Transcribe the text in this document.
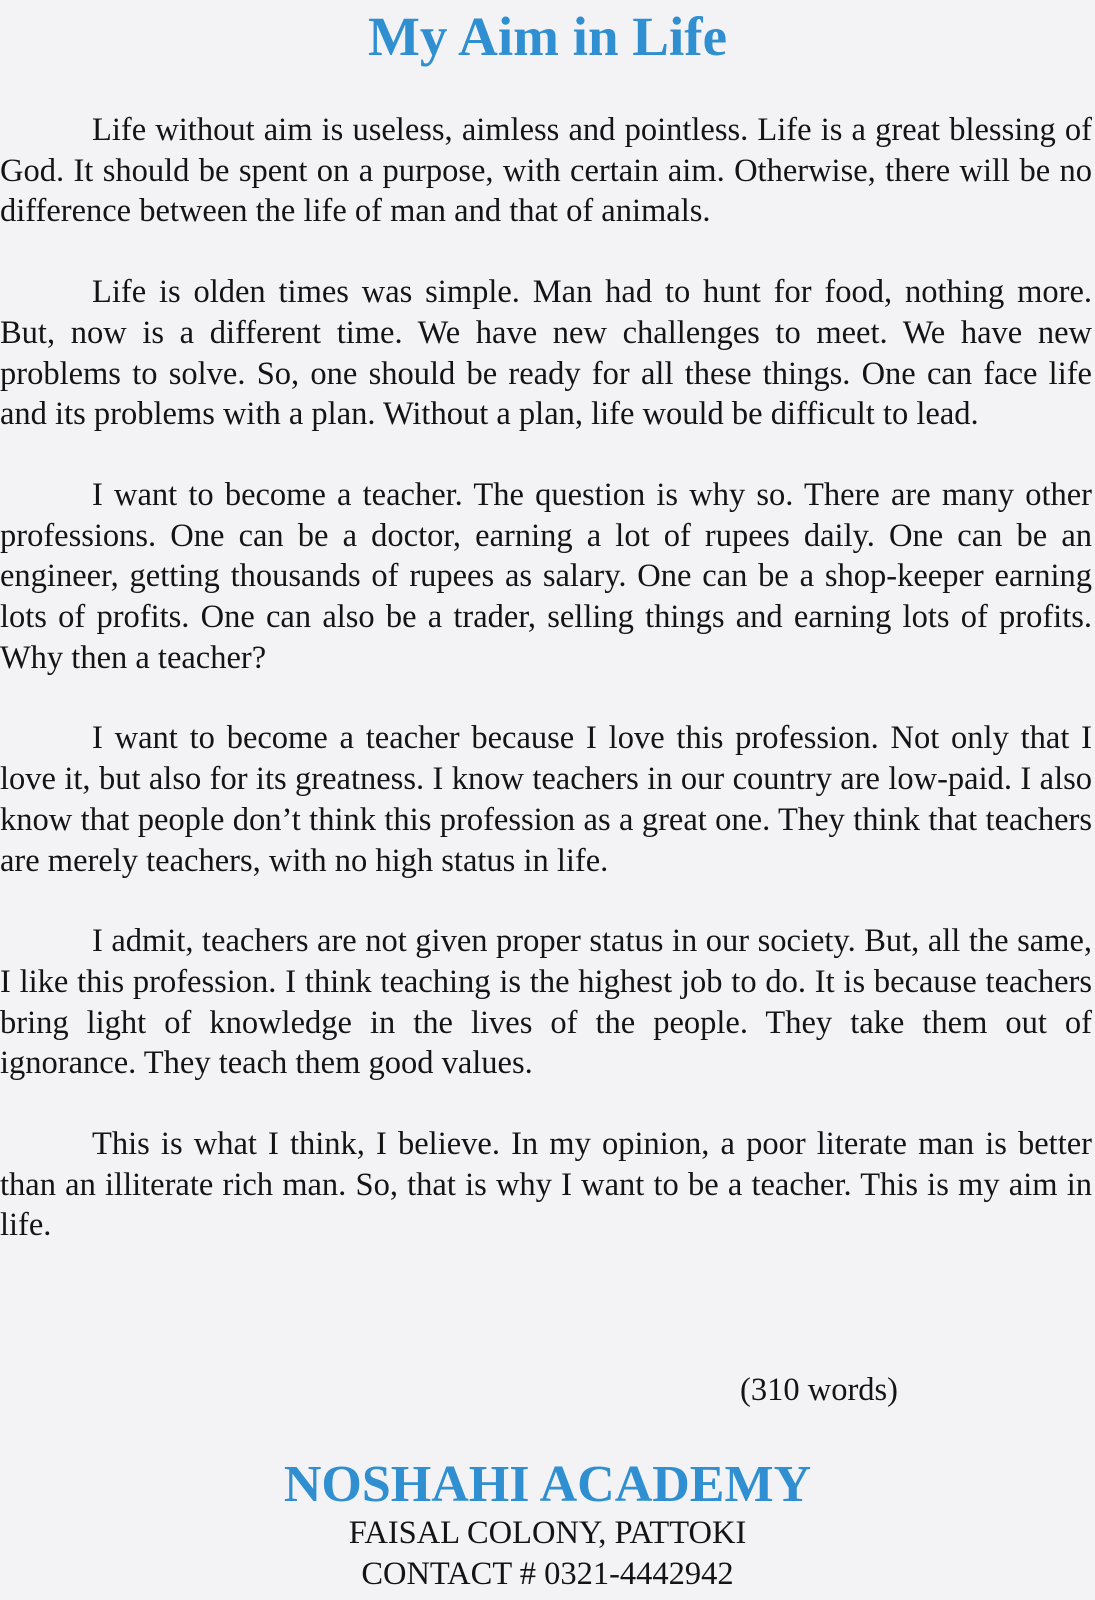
My Aim in Life

Life without aim is useless, aimless and pointless. Life is a great blessing of God. It should be spent on a purpose, with certain aim. Otherwise, there will be no difference between the life of man and that of animals.

Life is olden times was simple. Man had to hunt for food, nothing more. But, now is a different time. We have new challenges to meet. We have new problems to solve. So, one should be ready for all these things. One can face life and its problems with a plan. Without a plan, life would be difficult to lead.

I want to become a teacher. The question is why so. There are many other professions. One can be a doctor, earning a lot of rupees daily. One can be an engineer, getting thousands of rupees as salary. One can be a shop-keeper earning lots of profits. One can also be a trader, selling things and earning lots of profits. Why then a teacher?

I want to become a teacher because I love this profession. Not only that I love it, but also for its greatness. I know teachers in our country are low-paid. I also know that people don’t think this profession as a great one. They think that teachers are merely teachers, with no high status in life.

I admit, teachers are not given proper status in our society. But, all the same, I like this profession. I think teaching is the highest job to do. It is because teachers bring light of knowledge in the lives of the people. They take them out of ignorance. They teach them good values.

This is what I think, I believe. In my opinion, a poor literate man is better than an illiterate rich man. So, that is why I want to be a teacher. This is my aim in life.

(310 words)

NOSHAHI ACADEMY

FAISAL COLONY, PATTOKI

CONTACT # 0321-4442942
